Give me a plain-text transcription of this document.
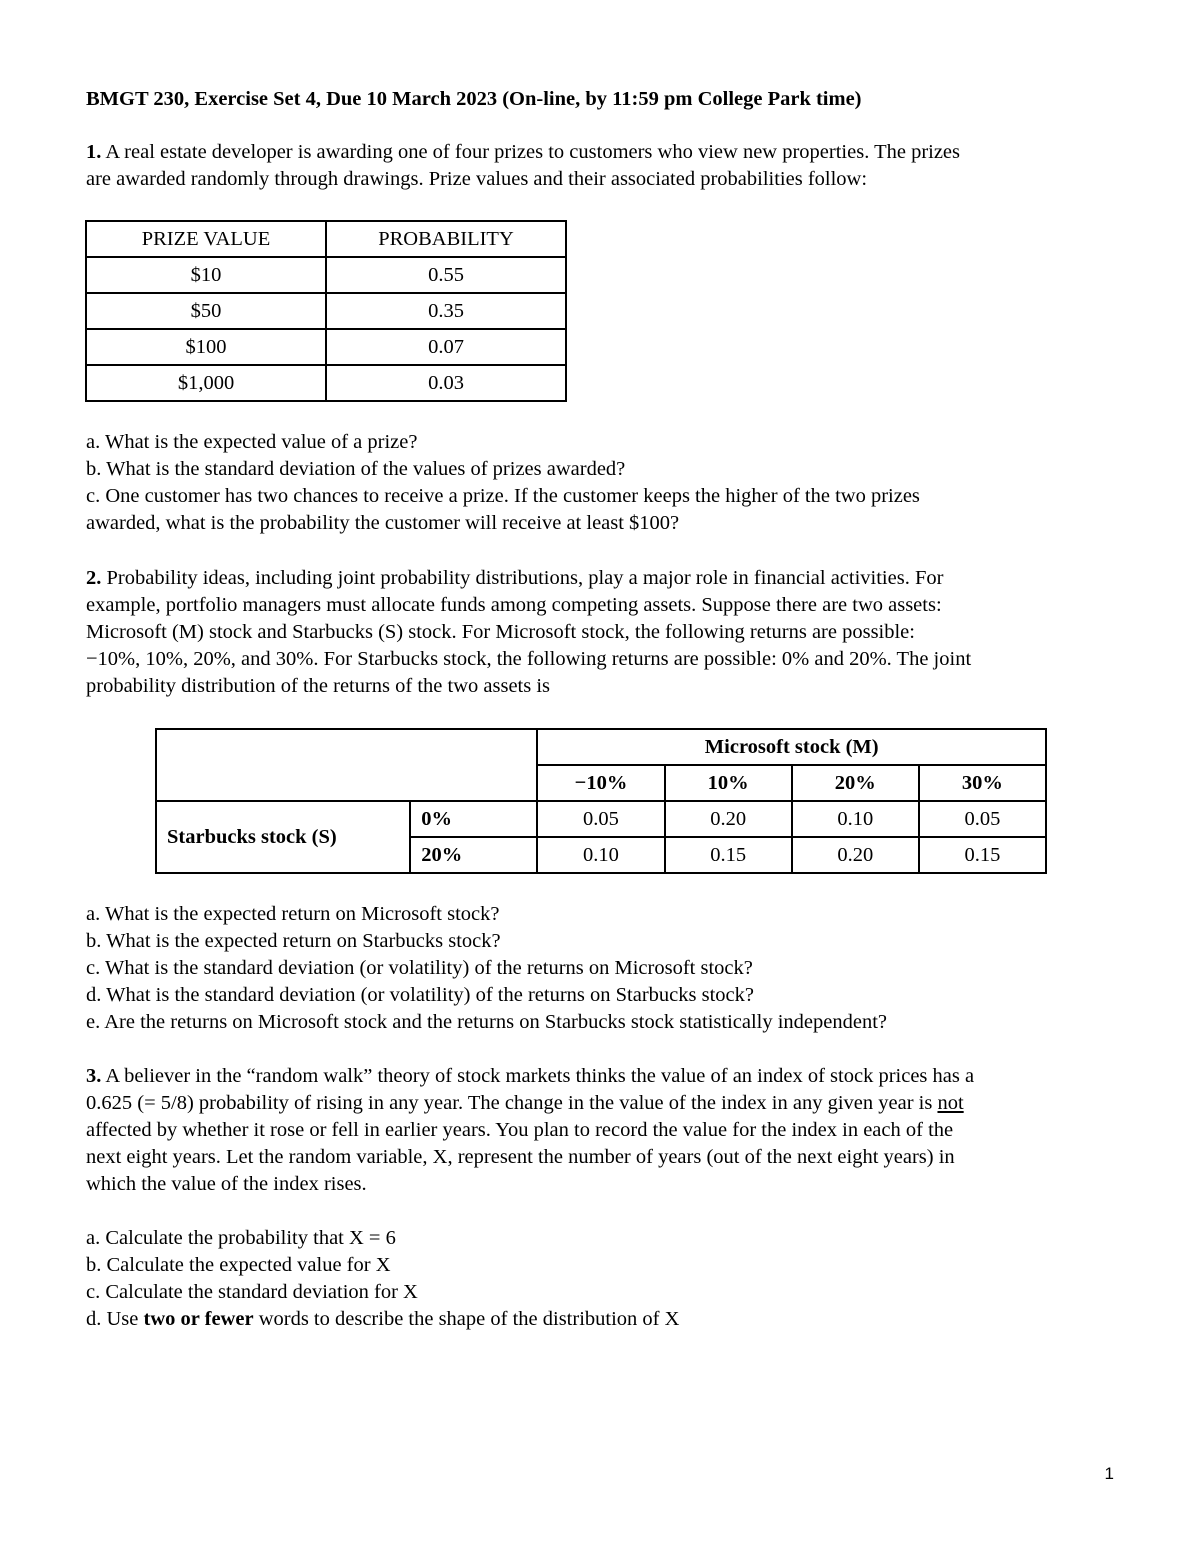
BMGT 230, Exercise Set 4, Due 10 March 2023 (On-line, by 11:59 pm College Park time)
1. A real estate developer is awarding one of four prizes to customers who view new properties. The prizes
are awarded randomly through drawings. Prize values and their associated probabilities follow:
PRIZE VALUE	PROBABILITY
$10	0.55
$50	0.35
$100	0.07
$1,000	0.03
a. What is the expected value of a prize?
b. What is the standard deviation of the values of prizes awarded?
c. One customer has two chances to receive a prize. If the customer keeps the higher of the two prizes
awarded, what is the probability the customer will receive at least $100?
2. Probability ideas, including joint probability distributions, play a major role in financial activities. For
example, portfolio managers must allocate funds among competing assets. Suppose there are two assets:
Microsoft (M) stock and Starbucks (S) stock. For Microsoft stock, the following returns are possible:
−10%, 10%, 20%, and 30%. For Starbucks stock, the following returns are possible: 0% and 20%. The joint
probability distribution of the returns of the two assets is
		Microsoft stock (M)			
		−10%	10%	20%	30%
Starbucks stock (S)	0%	0.05	0.20	0.10	0.05
	20%	0.10	0.15	0.20	0.15
a. What is the expected return on Microsoft stock?
b. What is the expected return on Starbucks stock?
c. What is the standard deviation (or volatility) of the returns on Microsoft stock?
d. What is the standard deviation (or volatility) of the returns on Starbucks stock?
e. Are the returns on Microsoft stock and the returns on Starbucks stock statistically independent?
3. A believer in the “random walk” theory of stock markets thinks the value of an index of stock prices has a
0.625 (= 5/8) probability of rising in any year. The change in the value of the index in any given year is not
affected by whether it rose or fell in earlier years. You plan to record the value for the index in each of the
next eight years. Let the random variable, X, represent the number of years (out of the next eight years) in
which the value of the index rises.
a. Calculate the probability that X = 6
b. Calculate the expected value for X
c. Calculate the standard deviation for X
d. Use two or fewer words to describe the shape of the distribution of X
1
